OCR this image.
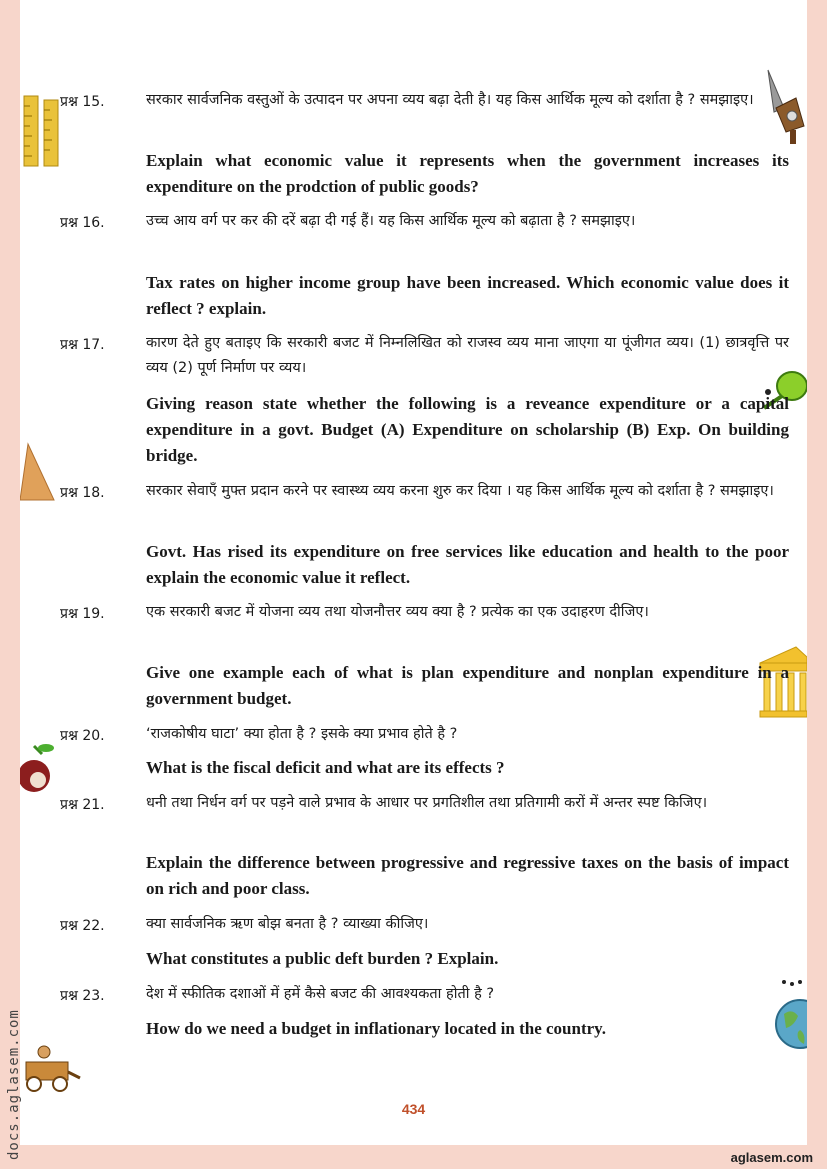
प्रश्न 15.	सरकार सार्वजनिक वस्तुओं के उत्पादन पर अपना व्यय बढ़ा देती है। यह किस आर्थिक मूल्य को दर्शाता है ? समझाइए।
Explain what economic value it represents when the government increases its expenditure on the prodction of public goods?
प्रश्न 16.	उच्च आय वर्ग पर कर की दरें बढ़ा दी गई हैं। यह किस आर्थिक मूल्य को बढ़ाता है ? समझाइए।
Tax rates on higher income group have been increased. Which economic value does it reflect ? explain.
प्रश्न 17.	कारण देते हुए बताइए कि सरकारी बजट में निम्नलिखित को राजस्व व्यय माना जाएगा या पूंजीगत व्यय। (1) छात्रवृत्ति पर व्यय (2) पूर्ण निर्माण पर व्यय।
Giving reason state whether the following is a reveance expenditure or a capital expenditure in a govt. Budget (A) Expenditure on scholarship (B) Exp. On building bridge.
प्रश्न 18.	सरकार सेवाएँ मुफ्त प्रदान करने पर स्वास्थ्य व्यय करना शुरु कर दिया । यह किस आर्थिक मूल्य को दर्शाता है ? समझाइए।
Govt. Has rised its expenditure on free services like education and health to the poor explain the economic value it reflect.
प्रश्न 19.	एक सरकारी बजट में योजना व्यय तथा योजनौत्तर व्यय क्या है ? प्रत्येक का एक उदाहरण दीजिए।
Give one example each of what is plan expenditure and nonplan expenditure in a government budget.
प्रश्न 20.	‘राजकोषीय घाटा’ क्या होता है ? इसके क्या प्रभाव होते है ?
What is the fiscal deficit and what are its effects ?
प्रश्न 21.	धनी तथा निर्धन वर्ग पर पड़ने वाले प्रभाव के आधार पर प्रगतिशील तथा प्रतिगामी करों में अन्तर स्पष्ट किजिए।
Explain the difference between progressive and regressive taxes on the basis of impact on rich and poor class.
प्रश्न 22.	क्या सार्वजनिक ऋण बोझ बनता है ? व्याख्या कीजिए।
What constitutes a public deft burden ? Explain.
प्रश्न 23.	देश में स्फीतिक दशाओं में हमें कैसे बजट की आवश्यकता होती है ?
How do we need a budget in inflationary located in the country.
434
docs.aglasem.com	aglasem.com
